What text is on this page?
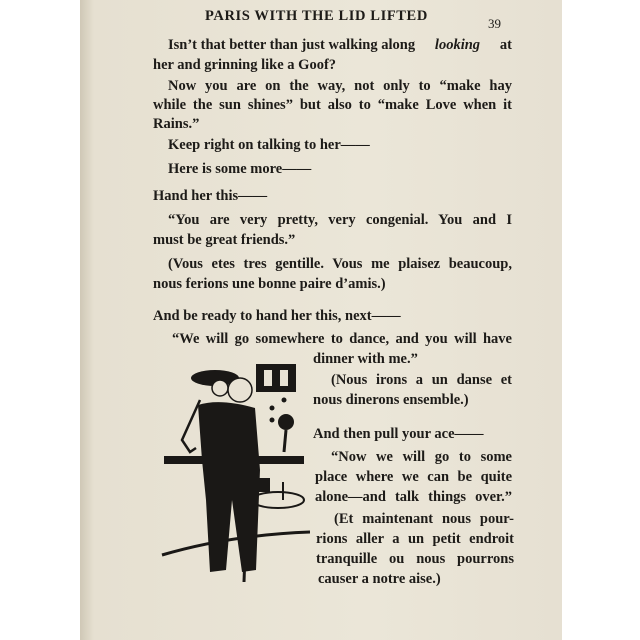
PARIS WITH THE LID LIFTED	39
Isn’t that better than just walking along looking at
her and grinning like a Goof?
Now you are on the way, not only to “make hay
while the sun shines” but also to “make Love when it
Rains.”
Keep right on talking to her——
Here is some more——
Hand her this——
“You are very pretty, very congenial. You and I
must be great friends.”
(Vous etes tres gentille. Vous me plaisez beaucoup,
nous ferions une bonne paire d’amis.)
And be ready to hand her this, next——
“We will go somewhere to dance, and you will have
dinner with me.”
(Nous irons a un danse et
nous dinerons ensemble.)
And then pull your ace——
“Now we will go to some
place where we can be quite
alone—and talk things over.”
(Et maintenant nous pour-
rions aller a un petit endroit
tranquille ou nous pourrons
causer a notre aise.)
